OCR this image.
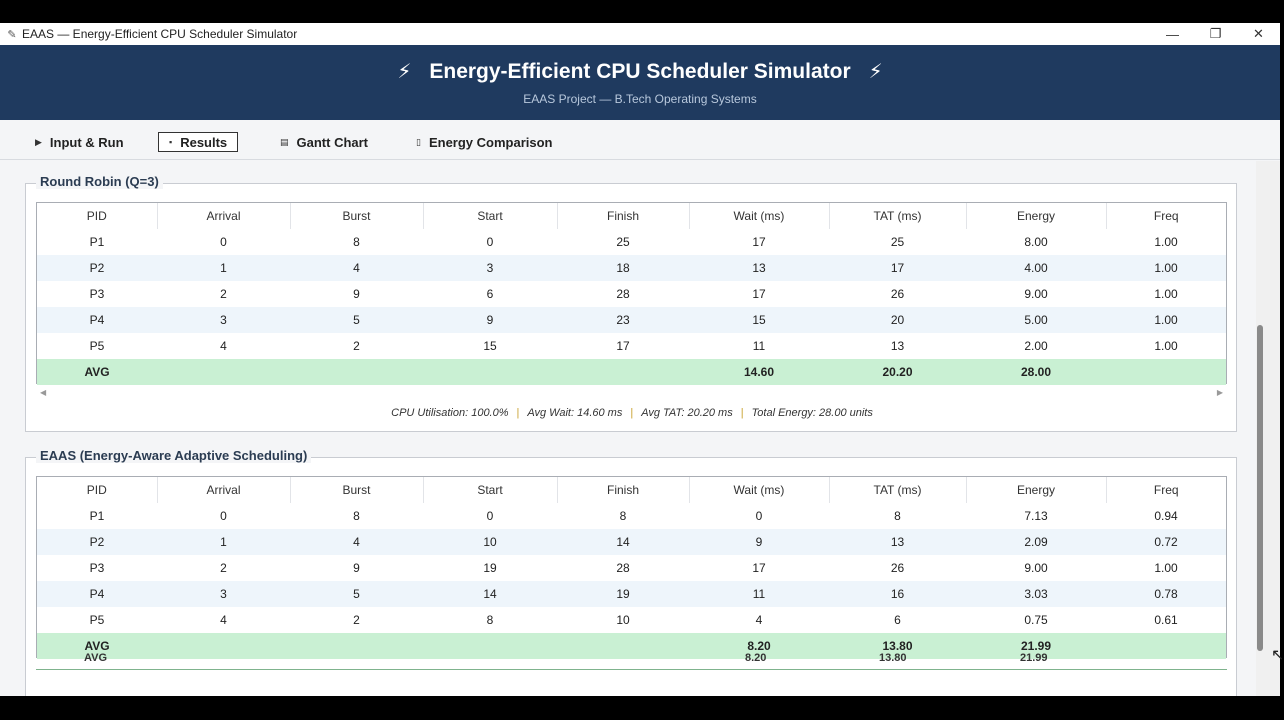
✎ EAAS — Energy-Efficient CPU Scheduler Simulator	—	❐	✕
⚡ Energy-Efficient CPU Scheduler Simulator ⚡
EAAS Project — B.Tech Operating Systems
▶ Input & Run	▪ Results	▤ Gantt Chart	▯ Energy Comparison
Round Robin (Q=3)
PID	Arrival	Burst	Start	Finish	Wait (ms)	TAT (ms)	Energy	Freq
P1	0	8	0	25	17	25	8.00	1.00
P2	1	4	3	18	13	17	4.00	1.00
P3	2	9	6	28	17	26	9.00	1.00
P4	3	5	9	23	15	20	5.00	1.00
P5	4	2	15	17	11	13	2.00	1.00
AVG					14.60	20.20	28.00	
◀	▶
CPU Utilisation: 100.0% | Avg Wait: 14.60 ms | Avg TAT: 20.20 ms | Total Energy: 28.00 units
EAAS (Energy-Aware Adaptive Scheduling)
PID	Arrival	Burst	Start	Finish	Wait (ms)	TAT (ms)	Energy	Freq
P1	0	8	0	8	0	8	7.13	0.94
P2	1	4	10	14	9	13	2.09	0.72
P3	2	9	19	28	17	26	9.00	1.00
P4	3	5	14	19	11	16	3.03	0.78
P5	4	2	8	10	4	6	0.75	0.61
AVG					8.20	13.80	21.99	
AVG	8.20	13.80	21.99	↖
